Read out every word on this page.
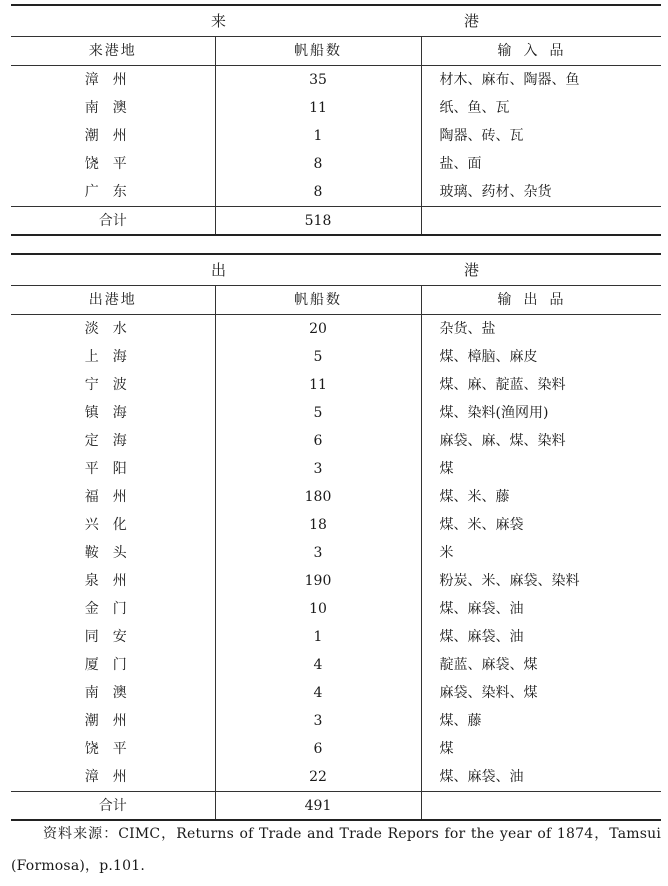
来 港		

来港地	帆船数	输入品
漳州	35	材木、麻布、陶器、鱼
南澳	11	纸、鱼、瓦
潮州	1	陶器、砖、瓦
饶平	8	盐、面
广东	8	玻璃、药材、杂货
合计	518	
出 港		

出港地	帆船数	输出品
淡水	20	杂货、盐
上海	5	煤、樟脑、麻皮
宁波	11	煤、麻、靛蓝、染料
镇海	5	煤、染料(渔网用)
定海	6	麻袋、麻、煤、染料
平阳	3	煤
福州	180	煤、米、藤
兴化	18	煤、米、麻袋
鞍头	3	米
泉州	190	粉炭、米、麻袋、染料
金门	10	煤、麻袋、油
同安	1	煤、麻袋、油
厦门	4	靛蓝、麻袋、煤
南澳	4	麻袋、染料、煤
潮州	3	煤、藤
饶平	6	煤
漳州	22	煤、麻袋、油
合计	491	

资料来源：CIMC，Returns of Trade and Trade Repors for the year of 1874，Tamsui (Formosa)，p.101.
